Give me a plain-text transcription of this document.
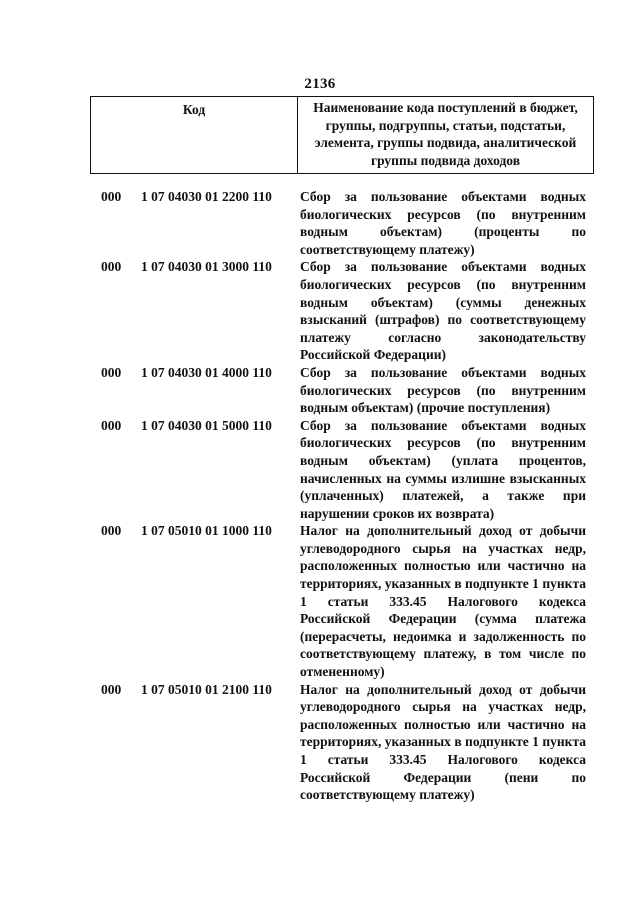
2136
Код	Наименование кода поступлений в бюджет, группы, подгруппы, статьи, подстатьи, элемента, группы подвида, аналитической группы подвида доходов
000	1 07 04030 01 2200 110	Сбор за пользование объектами водных биологических ресурсов (по внутренним водным объектам) (проценты по соответствующему платежу)
000	1 07 04030 01 3000 110	Сбор за пользование объектами водных биологических ресурсов (по внутренним водным объектам) (суммы денежных взысканий (штрафов) по соответствующему платежу согласно законодательству Российской Федерации)
000	1 07 04030 01 4000 110	Сбор за пользование объектами водных биологических ресурсов (по внутренним водным объектам) (прочие поступления)
000	1 07 04030 01 5000 110	Сбор за пользование объектами водных биологических ресурсов (по внутренним водным объектам) (уплата процентов, начисленных на суммы излишне взысканных (уплаченных) платежей, а также при нарушении сроков их возврата)
000	1 07 05010 01 1000 110	Налог на дополнительный доход от добычи углеводородного сырья на участках недр, расположенных полностью или частично на территориях, указанных в подпункте 1 пункта 1 статьи 333.45 Налогового кодекса Российской Федерации (сумма платежа (перерасчеты, недоимка и задолженность по соответствующему платежу, в том числе по отмененному)
000	1 07 05010 01 2100 110	Налог на дополнительный доход от добычи углеводородного сырья на участках недр, расположенных полностью или частично на территориях, указанных в подпункте 1 пункта 1 статьи 333.45 Налогового кодекса Российской Федерации (пени по соответствующему платежу)
